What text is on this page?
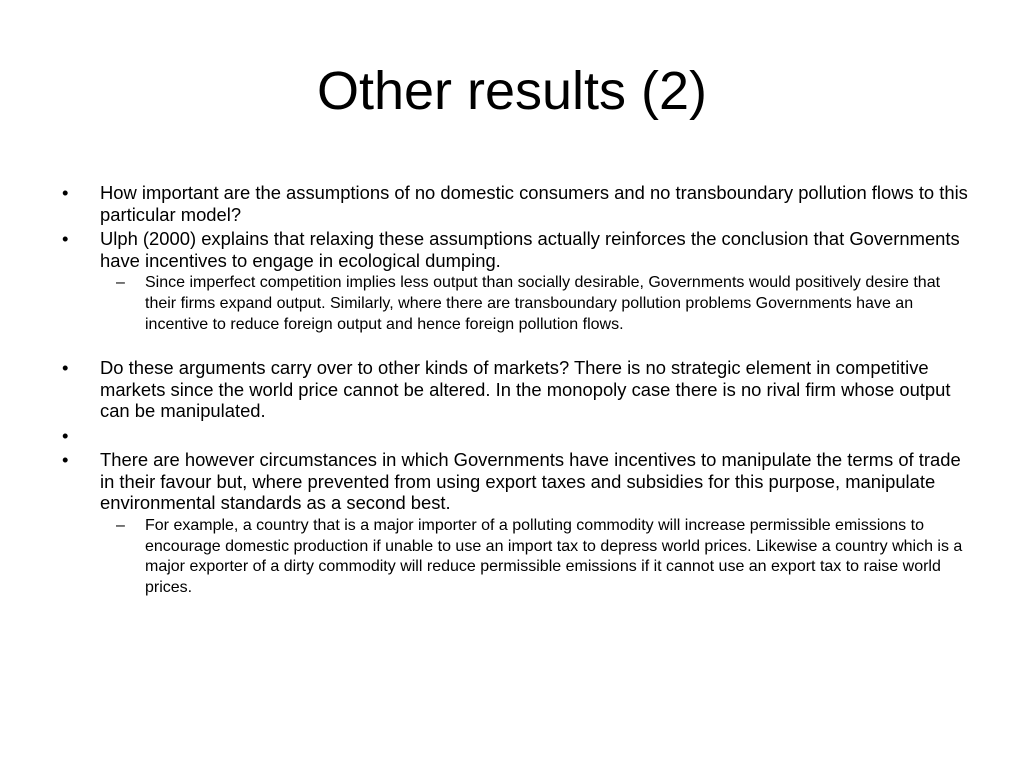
Other results (2)
• How important are the assumptions of no domestic consumers and no transboundary pollution flows to this particular model?
• Ulph (2000) explains that relaxing these assumptions actually reinforces the conclusion that Governments have incentives to engage in ecological dumping.
– Since imperfect competition implies less output than socially desirable, Governments would positively desire that their firms expand output. Similarly, where there are transboundary pollution problems Governments have an incentive to reduce foreign output and hence foreign pollution flows.
• Do these arguments carry over to other kinds of markets? There is no strategic element in competitive markets since the world price cannot be altered. In the monopoly case there is no rival firm whose output can be manipulated.
•
• There are however circumstances in which Governments have incentives to manipulate the terms of trade in their favour but, where prevented from using export taxes and subsidies for this purpose, manipulate environmental standards as a second best.
– For example, a country that is a major importer of a polluting commodity will increase permissible emissions to encourage domestic production if unable to use an import tax to depress world prices. Likewise a country which is a major exporter of a dirty commodity will reduce permissible emissions if it cannot use an export tax to raise world prices.
